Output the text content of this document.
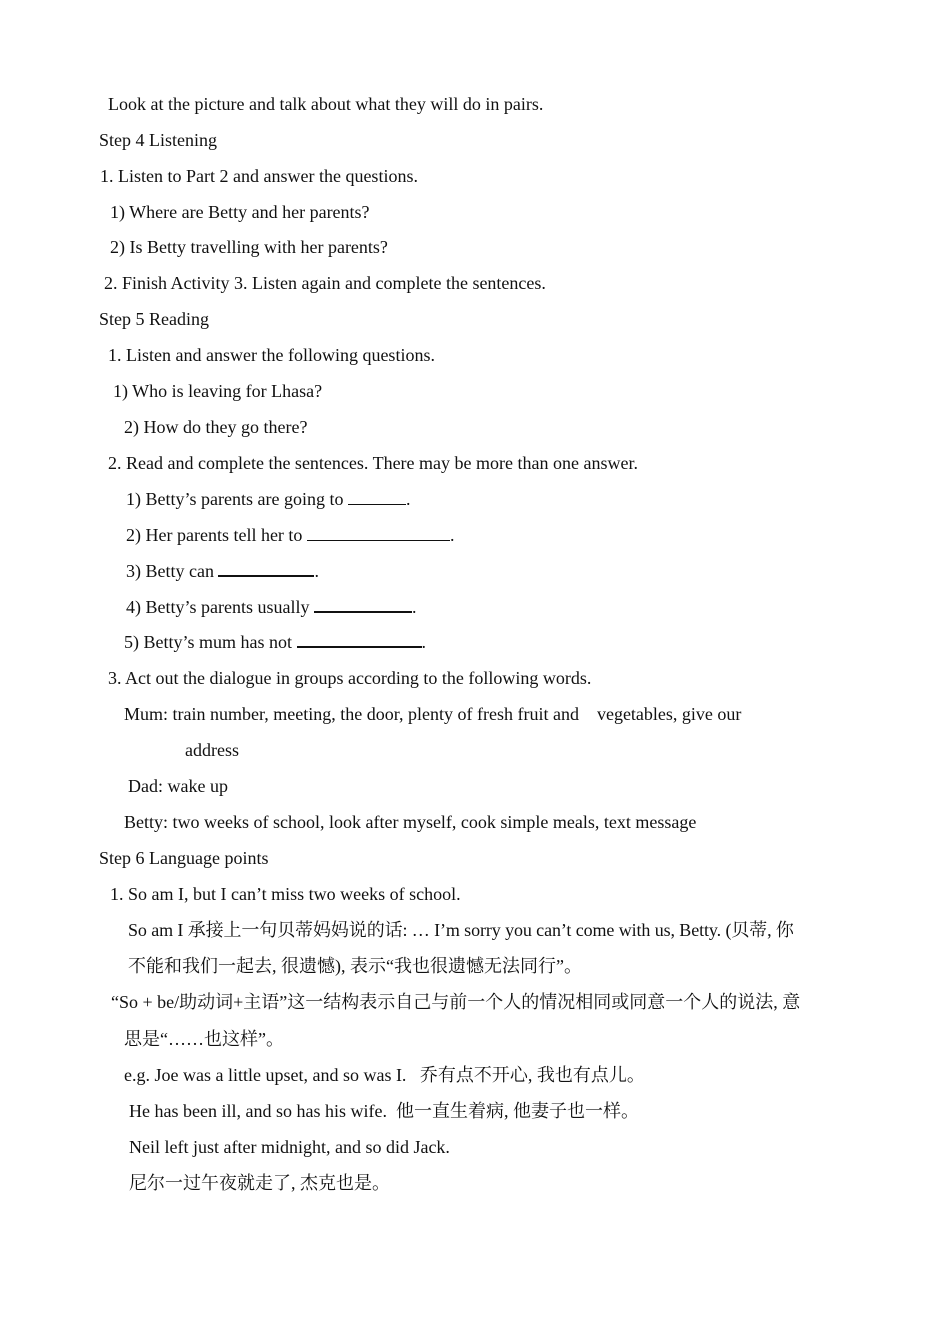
Look at the picture and talk about what they will do in pairs.
Step 4 Listening
1. Listen to Part 2 and answer the questions.
1) Where are Betty and her parents?
2) Is Betty travelling with her parents?
2. Finish Activity 3. Listen again and complete the sentences.
Step 5 Reading
1. Listen and answer the following questions.
1) Who is leaving for Lhasa?
2) How do they go there?
2. Read and complete the sentences. There may be more than one answer.
1) Betty’s parents are going to	.
2) Her parents tell her to	.
3) Betty can	.
4) Betty’s parents usually	.
5) Betty’s mum has not	.
3. Act out the dialogue in groups according to the following words.
Mum: train number, meeting, the door, plenty of fresh fruit and    vegetables, give our
address
Dad: wake up
Betty: two weeks of school, look after myself, cook simple meals, text message
Step 6 Language points
1. So am I, but I can’t miss two weeks of school.
So am I 承接上一句贝蒂妈妈说的话: … I’m sorry you can’t come with us, Betty. (贝蒂, 你
不能和我们一起去, 很遗憾), 表示“我也很遗憾无法同行”。
“So + be/助动词+主语”这一结构表示自己与前一个人的情况相同或同意一个人的说法, 意
思是“……也这样”。
e.g. Joe was a little upset, and so was I.   乔有点不开心, 我也有点儿。
He has been ill, and so has his wife.  他一直生着病, 他妻子也一样。
Neil left just after midnight, and so did Jack.
尼尔一过午夜就走了, 杰克也是。
